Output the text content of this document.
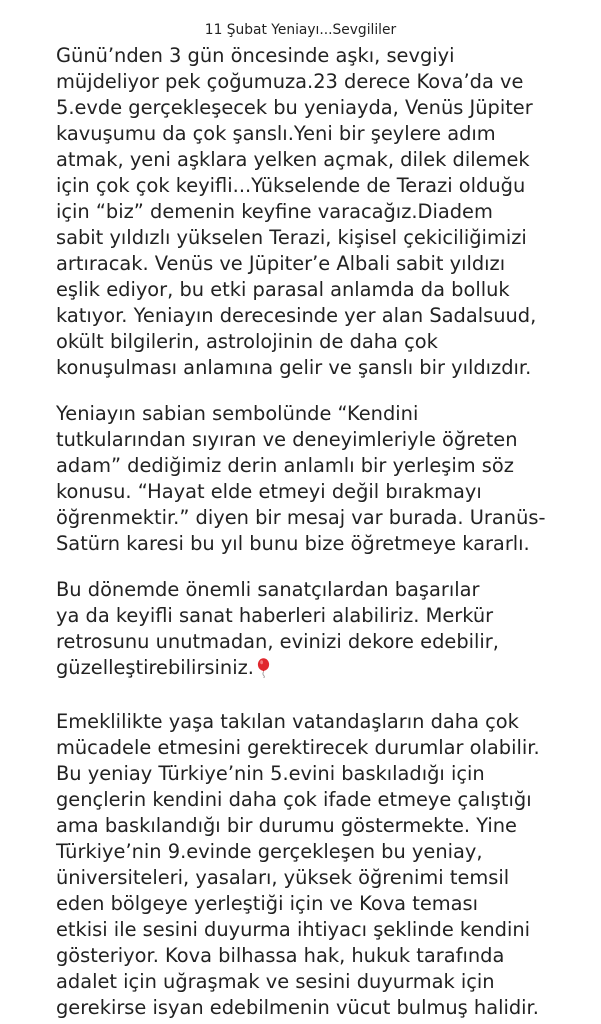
11 Şubat Yeniayı...Sevgililer
Günü’nden 3 gün öncesinde aşkı, sevgiyi
müjdeliyor pek çoğumuza.23 derece Kova’da ve
5.evde gerçekleşecek bu yeniayda, Venüs Jüpiter
kavuşumu da çok şanslı.Yeni bir şeylere adım
atmak, yeni aşklara yelken açmak, dilek dilemek
için çok çok keyifli...Yükselende de Terazi olduğu
için “biz” demenin keyfine varacağız.Diadem
sabit yıldızlı yükselen Terazi, kişisel çekiciliğimizi
artıracak. Venüs ve Jüpiter’e Albali sabit yıldızı
eşlik ediyor, bu etki parasal anlamda da bolluk
katıyor. Yeniayın derecesinde yer alan Sadalsuud,
okült bilgilerin, astrolojinin de daha çok
konuşulması anlamına gelir ve şanslı bir yıldızdır.
Yeniayın sabian sembolünde “Kendini
tutkularından sıyıran ve deneyimleriyle öğreten
adam” dediğimiz derin anlamlı bir yerleşim söz
konusu. “Hayat elde etmeyi değil bırakmayı
öğrenmektir.” diyen bir mesaj var burada. Uranüs-
Satürn karesi bu yıl bunu bize öğretmeye kararlı.
Bu dönemde önemli sanatçılardan başarılar
ya da keyifli sanat haberleri alabiliriz. Merkür
retrosunu unutmadan, evinizi dekore edebilir,
güzelleştirebilirsiniz.
Emeklilikte yaşa takılan vatandaşların daha çok
mücadele etmesini gerektirecek durumlar olabilir.
Bu yeniay Türkiye’nin 5.evini baskıladığı için
gençlerin kendini daha çok ifade etmeye çalıştığı
ama baskılandığı bir durumu göstermekte. Yine
Türkiye’nin 9.evinde gerçekleşen bu yeniay,
üniversiteleri, yasaları, yüksek öğrenimi temsil
eden bölgeye yerleştiği için ve Kova teması
etkisi ile sesini duyurma ihtiyacı şeklinde kendini
gösteriyor. Kova bilhassa hak, hukuk tarafında
adalet için uğraşmak ve sesini duyurmak için
gerekirse isyan edebilmenin vücut bulmuş halidir.
